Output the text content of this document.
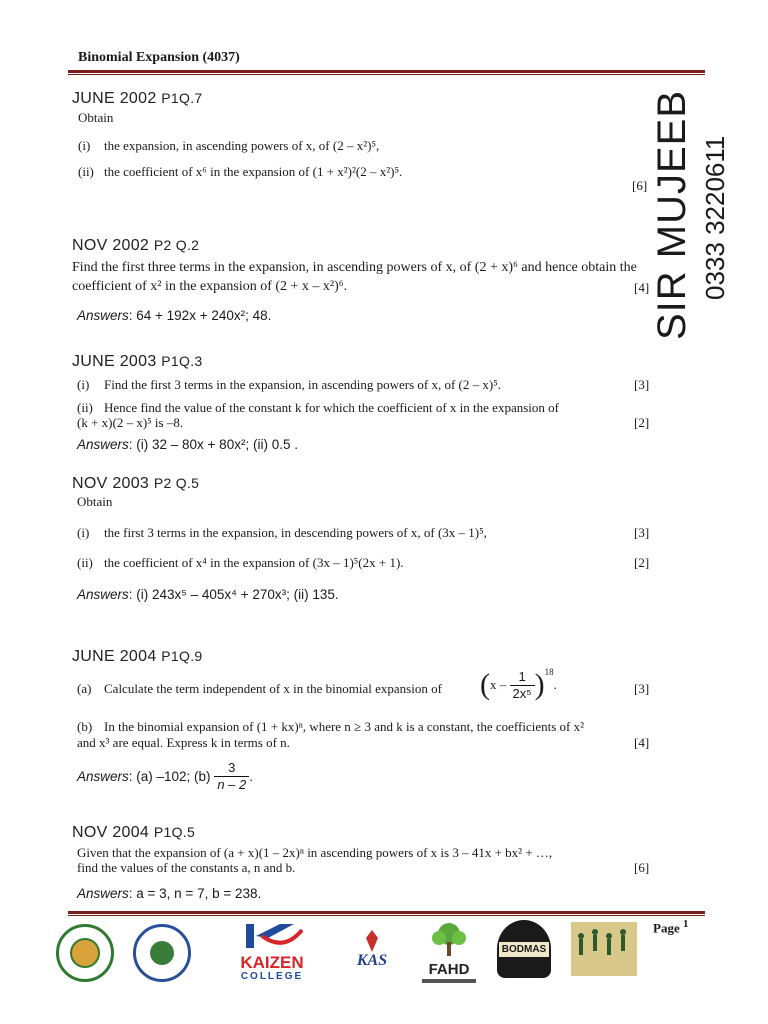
Binomial Expansion (4037)
SIR MUJEEB 0333 3220611
JUNE 2002 P1Q.7
Obtain
(i) the expansion, in ascending powers of x, of (2 – x²)⁵,
(ii) the coefficient of x⁶ in the expansion of (1 + x²)²(2 – x²)⁵.
[6]
NOV 2002 P2 Q.2
Find the first three terms in the expansion, in ascending powers of x, of (2 + x)⁶ and hence obtain the
coefficient of x² in the expansion of (2 + x – x²)⁶.	[4]
Answers: 64 + 192x + 240x²; 48.
JUNE 2003 P1Q.3
(i) Find the first 3 terms in the expansion, in ascending powers of x, of (2 – x)⁵.	[3]
(ii) Hence find the value of the constant k for which the coefficient of x in the expansion of
(k + x)(2 – x)⁵ is –8.	[2]
Answers: (i) 32 – 80x + 80x²; (ii) 0.5 .
NOV 2003 P2 Q.5
Obtain
(i) the first 3 terms in the expansion, in descending powers of x, of (3x – 1)⁵,	[3]
(ii) the coefficient of x⁴ in the expansion of (3x – 1)⁵(2x + 1).	[2]
Answers: (i) 243x⁵ – 405x⁴ + 270x³; (ii) 135.
JUNE 2004 P1Q.9
(a) Calculate the term independent of x in the binomial expansion of $(x - \frac{1}{\text{2x⁵}} )^{18}$.	[3]
(b) In the binomial expansion of (1 + kx)ⁿ, where n ≥ 3 and k is a constant, the coefficients of x²
and x³ are equal. Express k in terms of n.	[4]
Answers: (a) –102; $(b) \frac{3}{n - 2}$ .
NOV 2004 P1Q.5
Given that the expansion of (a + x)(1 – 2x)ⁿ in ascending powers of x is 3 – 41x + bx² + …,
find the values of the constants a, n and b.	[6]
Answers: a = 3, n = 7, b = 238.
Page $^1$
KAIZEN
COLLEGE
KAS
FAHD
BODMAS
